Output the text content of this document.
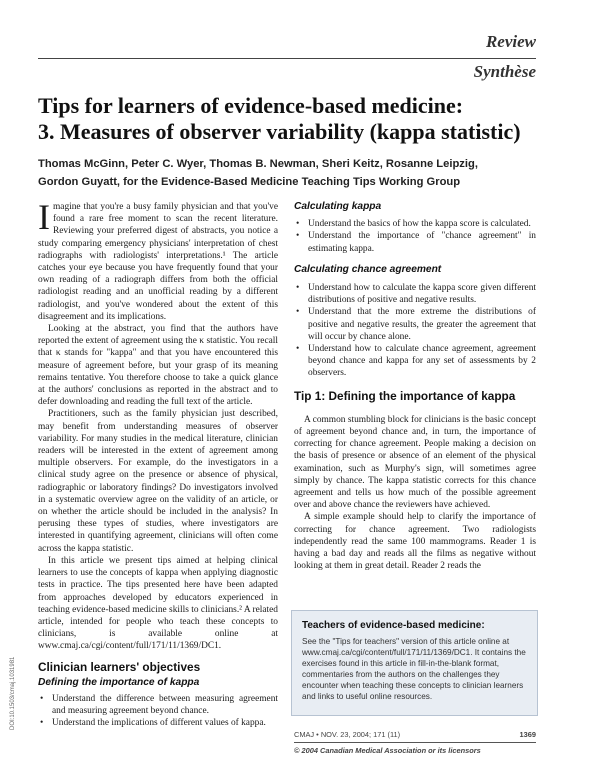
Review
Synthèse
Tips for learners of evidence-based medicine:
3. Measures of observer variability (kappa statistic)
Thomas McGinn, Peter C. Wyer, Thomas B. Newman, Sheri Keitz, Rosanne Leipzig,
Gordon Guyatt, for the Evidence-Based Medicine Teaching Tips Working Group
DOI:10.1503/cmaj.1031981

Imagine that you're a busy family physician and that you've found a rare free moment to scan the recent literature. Reviewing your preferred digest of abstracts, you notice a study comparing emergency physicians' interpretation of chest radiographs with radiologists' interpretations.¹ The article catches your eye because you have frequently found that your own reading of a radiograph differs from both the official radiologist reading and an unofficial reading by a different radiologist, and you've wondered about the extent of this disagreement and its implications.

Looking at the abstract, you find that the authors have reported the extent of agreement using the κ statistic. You recall that κ stands for "kappa" and that you have encountered this measure of agreement before, but your grasp of its meaning remains tentative. You therefore choose to take a quick glance at the authors' conclusions as reported in the abstract and to defer downloading and reading the full text of the article.

Practitioners, such as the family physician just described, may benefit from understanding measures of observer variability. For many studies in the medical literature, clinician readers will be interested in the extent of agreement among multiple observers. For example, do the investigators in a clinical study agree on the presence or absence of physical, radiographic or laboratory findings? Do investigators involved in a systematic overview agree on the validity of an article, or on whether the article should be included in the analysis? In perusing these types of studies, where investigators are interested in quantifying agreement, clinicians will often come across the kappa statistic.

In this article we present tips aimed at helping clinical learners to use the concepts of kappa when applying diagnostic tests in practice. The tips presented here have been adapted from approaches developed by educators experienced in teaching evidence-based medicine skills to clinicians.² A related article, intended for people who teach these concepts to clinicians, is available online at www.cmaj.ca/cgi/content/full/171/11/1369/DC1.

Clinician learners' objectives
Defining the importance of kappa
• Understand the difference between measuring agreement and measuring agreement beyond chance.
• Understand the implications of different values of kappa.
Calculating kappa
• Understand the basics of how the kappa score is calculated.
• Understand the importance of "chance agreement" in estimating kappa.
Calculating chance agreement
• Understand how to calculate the kappa score given different distributions of positive and negative results.
• Understand that the more extreme the distributions of positive and negative results, the greater the agreement that will occur by chance alone.
• Understand how to calculate chance agreement, agreement beyond chance and kappa for any set of assessments by 2 observers.
Tip 1: Defining the importance of kappa

A common stumbling block for clinicians is the basic concept of agreement beyond chance and, in turn, the importance of correcting for chance agreement. People making a decision on the basis of presence or absence of an element of the physical examination, such as Murphy's sign, will sometimes agree simply by chance. The kappa statistic corrects for this chance agreement and tells us how much of the possible agreement over and above chance the reviewers have achieved.

A simple example should help to clarify the importance of correcting for chance agreement. Two radiologists independently read the same 100 mammograms. Reader 1 is having a bad day and reads all the films as negative without looking at them in great detail. Reader 2 reads the

Teachers of evidence-based medicine:
See the "Tips for teachers" version of this article online at www.cmaj.ca/cgi/content/full/171/11/1369/DC1. It contains the exercises found in this article in fill-in-the-blank format, commentaries from the authors on the challenges they encounter when teaching these concepts to clinician learners and links to useful online resources.
CMAJ • NOV. 23, 2004; 171 (11)	1369
© 2004 Canadian Medical Association or its licensors
